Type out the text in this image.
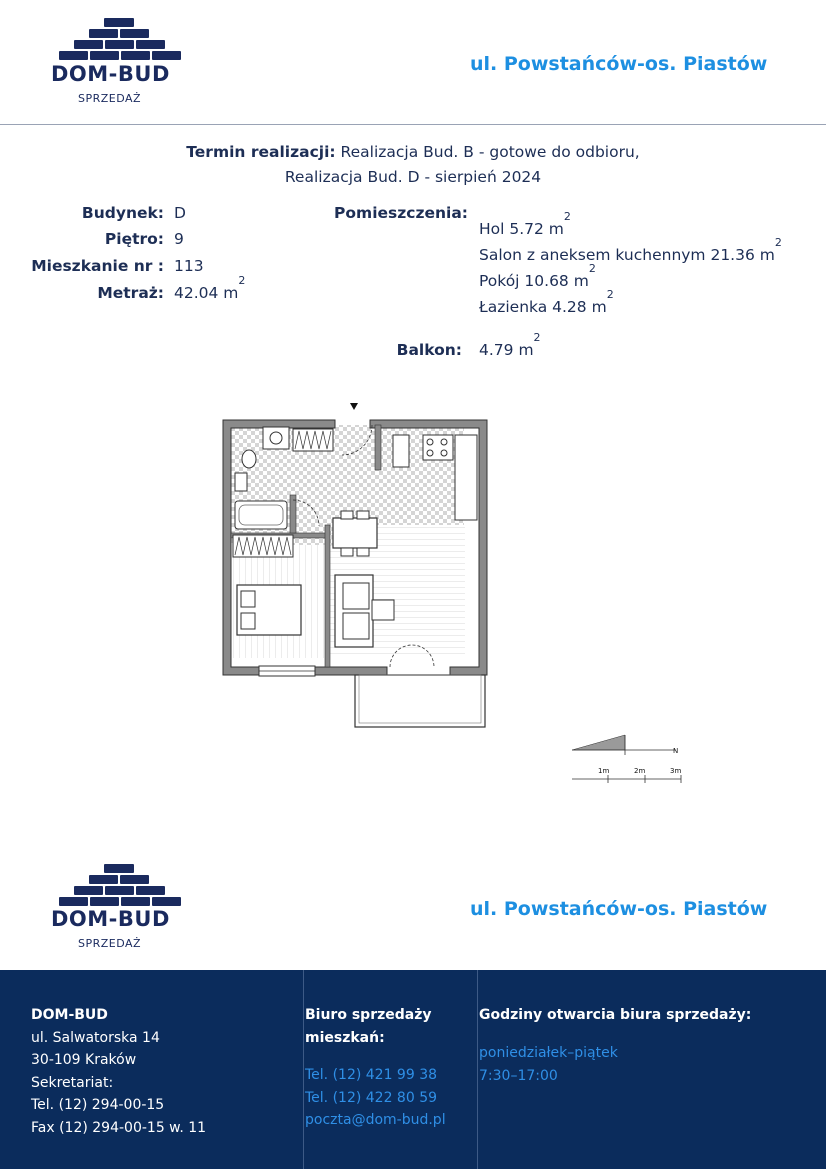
DOM-BUD
SPRZEDAŻ
ul. Powstańców-os. Piastów
Termin realizacji: Realizacja Bud. B - gotowe do odbioru,
Realizacja Bud. D - sierpień 2024
Budynek: D
Piętro: 9
Mieszkanie nr : 113
Metraż: 42.04 $m^2$
Pomieszczenia:
Hol 5.72 $m^2$
Salon z aneksem kuchennym 21.36 $m^2$
Pokój 10.68 $m^2$
Łazienka 4.28 $m^2$
Balkon: 4.79 $m^2$
N
1m	2m	3m
DOM-BUD
SPRZEDAŻ
ul. Powstańców-os. Piastów
DOM-BUD
ul. Salwatorska 14
30-109 Kraków
Sekretariat:
Tel. (12) 294-00-15
Fax (12) 294-00-15 w. 11
Biuro sprzedaży
mieszkań:
Tel. (12) 421 99 38
Tel. (12) 422 80 59
poczta@dom-bud.pl
Godziny otwarcia biura sprzedaży:
poniedziałek–piątek
7:30–17:00
